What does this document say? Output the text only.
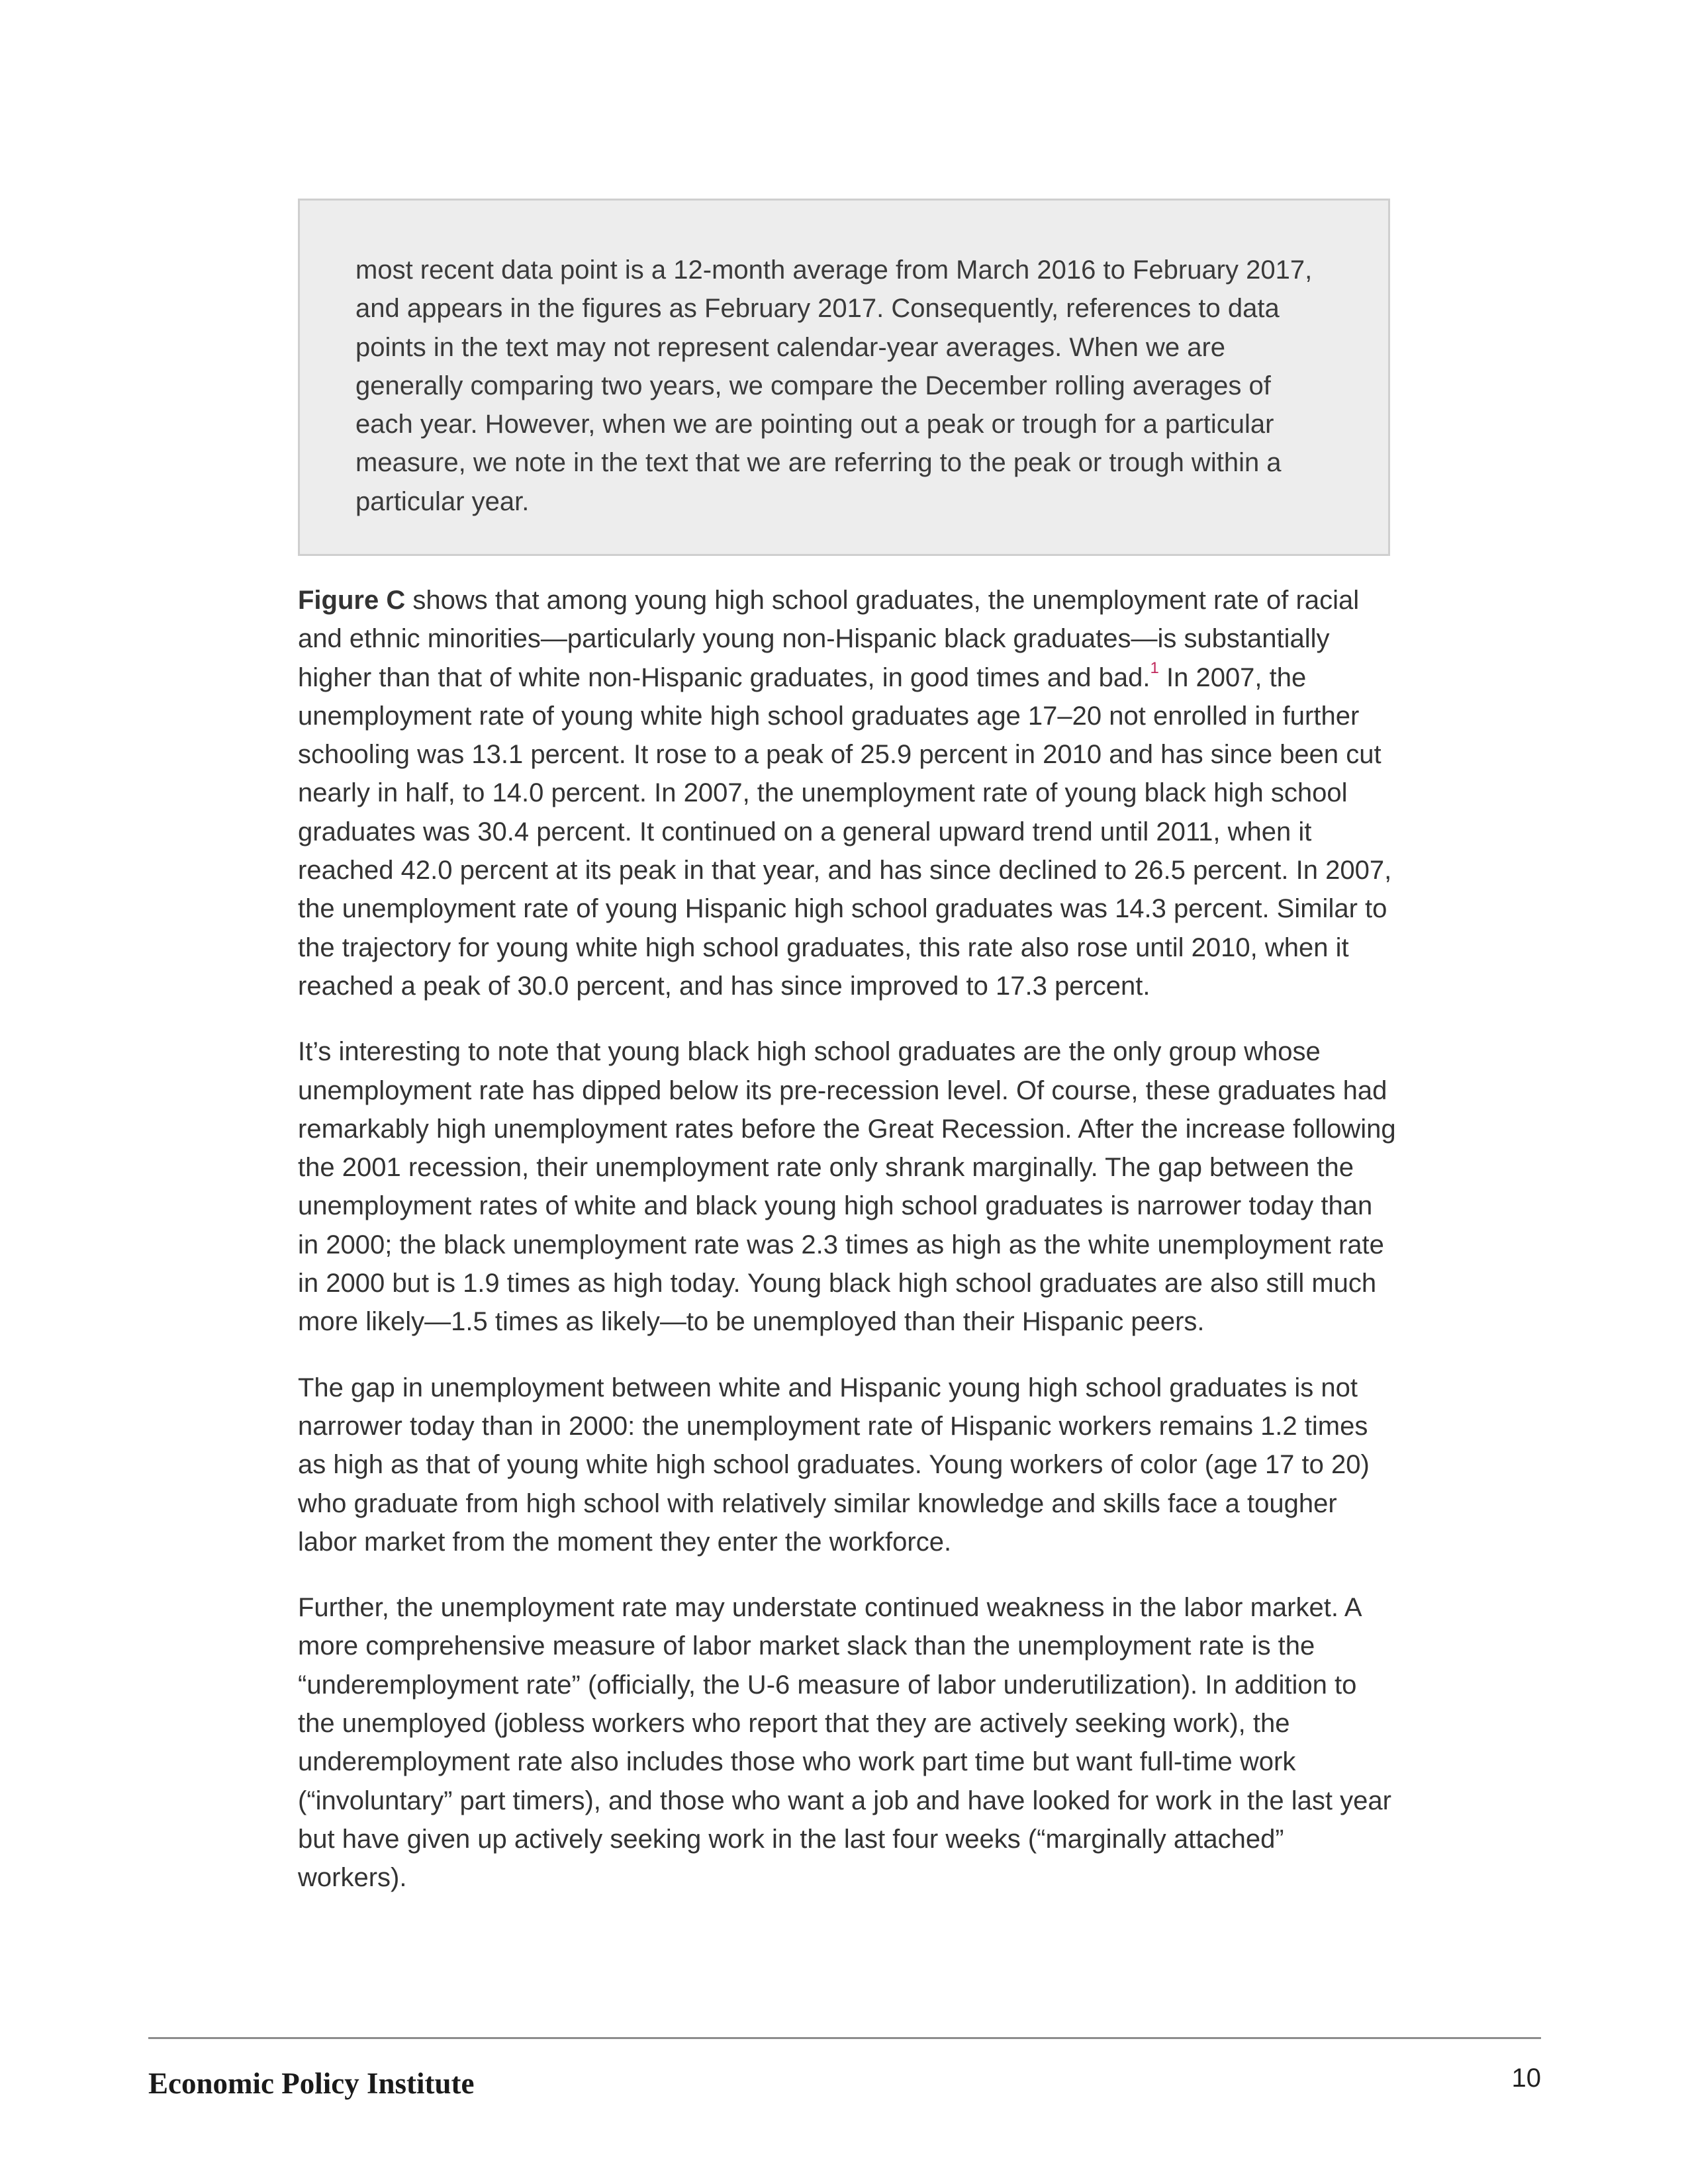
most recent data point is a 12-month average from March 2016 to February 2017, and appears in the figures as February 2017. Consequently, references to data points in the text may not represent calendar-year averages. When we are generally comparing two years, we compare the December rolling averages of each year. However, when we are pointing out a peak or trough for a particular measure, we note in the text that we are referring to the peak or trough within a particular year.

Figure C shows that among young high school graduates, the unemployment rate of racial and ethnic minorities—particularly young non-Hispanic black graduates—is substantially higher than that of white non-Hispanic graduates, in good times and bad.$^1$ In 2007, the unemployment rate of young white high school graduates age 17–20 not enrolled in further schooling was 13.1 percent. It rose to a peak of 25.9 percent in 2010 and has since been cut nearly in half, to 14.0 percent. In 2007, the unemployment rate of young black high school graduates was 30.4 percent. It continued on a general upward trend until 2011, when it reached 42.0 percent at its peak in that year, and has since declined to 26.5 percent. In 2007, the unemployment rate of young Hispanic high school graduates was 14.3 percent. Similar to the trajectory for young white high school graduates, this rate also rose until 2010, when it reached a peak of 30.0 percent, and has since improved to 17.3 percent.

It’s interesting to note that young black high school graduates are the only group whose unemployment rate has dipped below its pre-recession level. Of course, these graduates had remarkably high unemployment rates before the Great Recession. After the increase following the 2001 recession, their unemployment rate only shrank marginally. The gap between the unemployment rates of white and black young high school graduates is narrower today than in 2000; the black unemployment rate was 2.3 times as high as the white unemployment rate in 2000 but is 1.9 times as high today. Young black high school graduates are also still much more likely—1.5 times as likely—to be unemployed than their Hispanic peers.

The gap in unemployment between white and Hispanic young high school graduates is not narrower today than in 2000: the unemployment rate of Hispanic workers remains 1.2 times as high as that of young white high school graduates. Young workers of color (age 17 to 20) who graduate from high school with relatively similar knowledge and skills face a tougher labor market from the moment they enter the workforce.

Further, the unemployment rate may understate continued weakness in the labor market. A more comprehensive measure of labor market slack than the unemployment rate is the “underemployment rate” (officially, the U-6 measure of labor underutilization). In addition to the unemployed (jobless workers who report that they are actively seeking work), the underemployment rate also includes those who work part time but want full-time work (“involuntary” part timers), and those who want a job and have looked for work in the last year but have given up actively seeking work in the last four weeks (“marginally attached” workers).

Economic Policy Institute	10
